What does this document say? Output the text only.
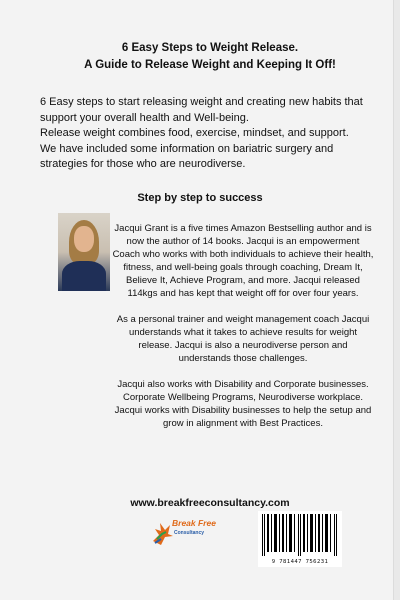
6 Easy Steps to Weight Release.
A Guide to Release Weight and Keeping It Off!

6 Easy steps to start releasing weight and creating new habits that support your overall health and Well-being.

Release weight combines food, exercise, mindset, and support.

We have included some information on bariatric surgery and strategies for those who are neurodiverse.

Step by step to success

Jacqui Grant is a five times Amazon Bestselling author and is now the author of 14 books. Jacqui is an empowerment Coach who works with both individuals to achieve their health, fitness, and well-being goals through coaching, Dream It, Believe It, Achieve Program, and more. Jacqui released 114kgs and has kept that weight off for over four years.

As a personal trainer and weight management coach Jacqui understands what it takes to achieve results for weight release. Jacqui is also a neurodiverse person and understands those challenges.

Jacqui also works with Disability and Corporate businesses. Corporate Wellbeing Programs, Neurodiverse workplace. Jacqui works with Disability businesses to help the setup and grow in alignment with Best Practices.

www.breakfreeconsultancy.com
Break Free
Consultancy
9 781447 756231
